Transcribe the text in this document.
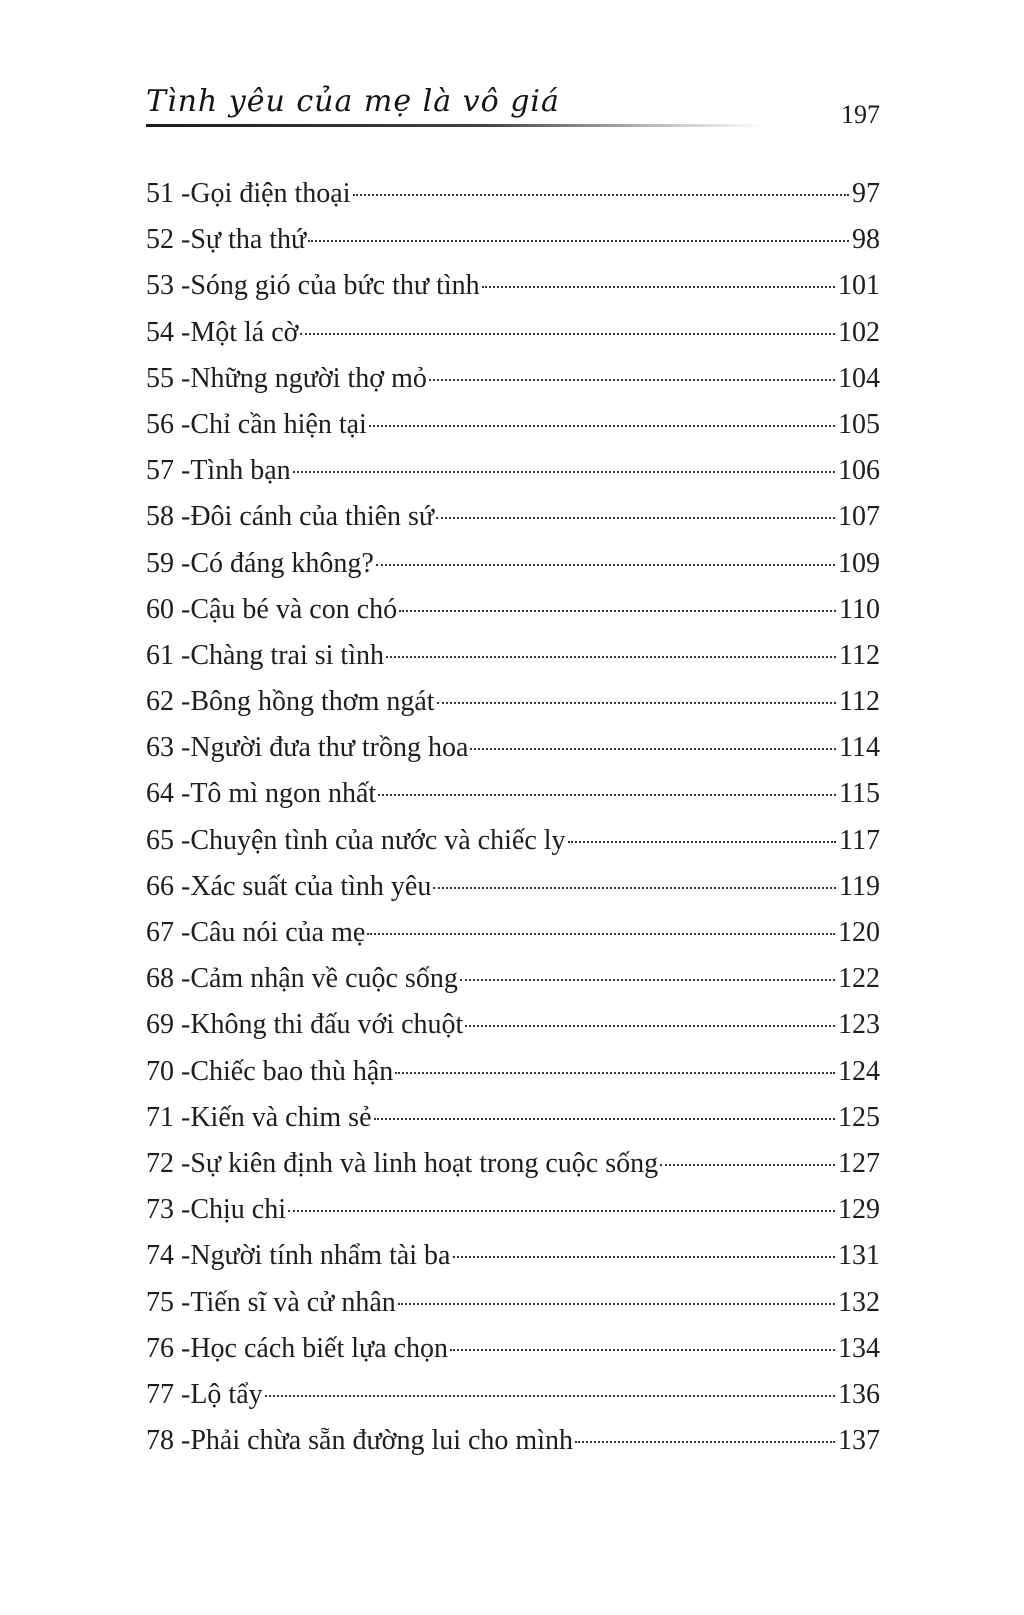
Tình yêu của mẹ là vô giá	197
51 -Gọi điện thoại	97
52 -Sự tha thứ	98
53 -Sóng gió của bức thư tình	101
54 -Một lá cờ	102
55 -Những người thợ mỏ	104
56 -Chỉ cần hiện tại	105
57 -Tình bạn	106
58 -Đôi cánh của thiên sứ	107
59 -Có đáng không?	109
60 -Cậu bé và con chó	110
61 -Chàng trai si tình	112
62 -Bông hồng thơm ngát	112
63 -Người đưa thư trồng hoa	114
64 -Tô mì ngon nhất	115
65 -Chuyện tình của nước và chiếc ly	117
66 -Xác suất của tình yêu	119
67 -Câu nói của mẹ	120
68 -Cảm nhận về cuộc sống	122
69 -Không thi đấu với chuột	123
70 -Chiếc bao thù hận	124
71 -Kiến và chim sẻ	125
72 -Sự kiên định và linh hoạt trong cuộc sống	127
73 -Chịu chi	129
74 -Người tính nhẩm tài ba	131
75 -Tiến sĩ và cử nhân	132
76 -Học cách biết lựa chọn	134
77 -Lộ tẩy	136
78 -Phải chừa sẵn đường lui cho mình	137
